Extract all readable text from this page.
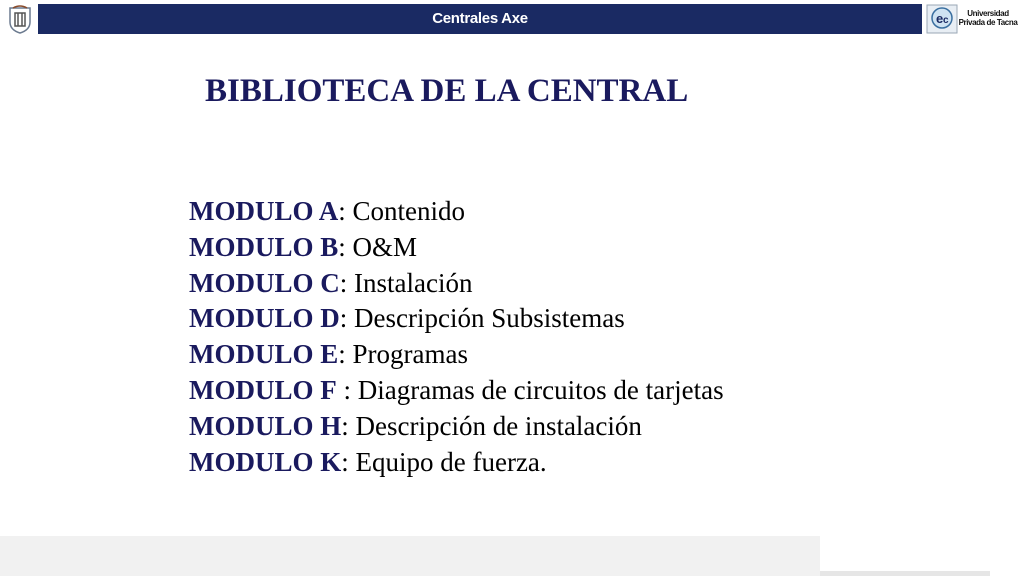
Centrales Axe	e c
Universidad
Privada de Tacna
BIBLIOTECA DE LA CENTRAL
MODULO A: Contenido
MODULO B: O&M
MODULO C: Instalación
MODULO D: Descripción Subsistemas
MODULO E: Programas
MODULO F : Diagramas de circuitos de tarjetas
MODULO H: Descripción de instalación
MODULO K: Equipo de fuerza.
